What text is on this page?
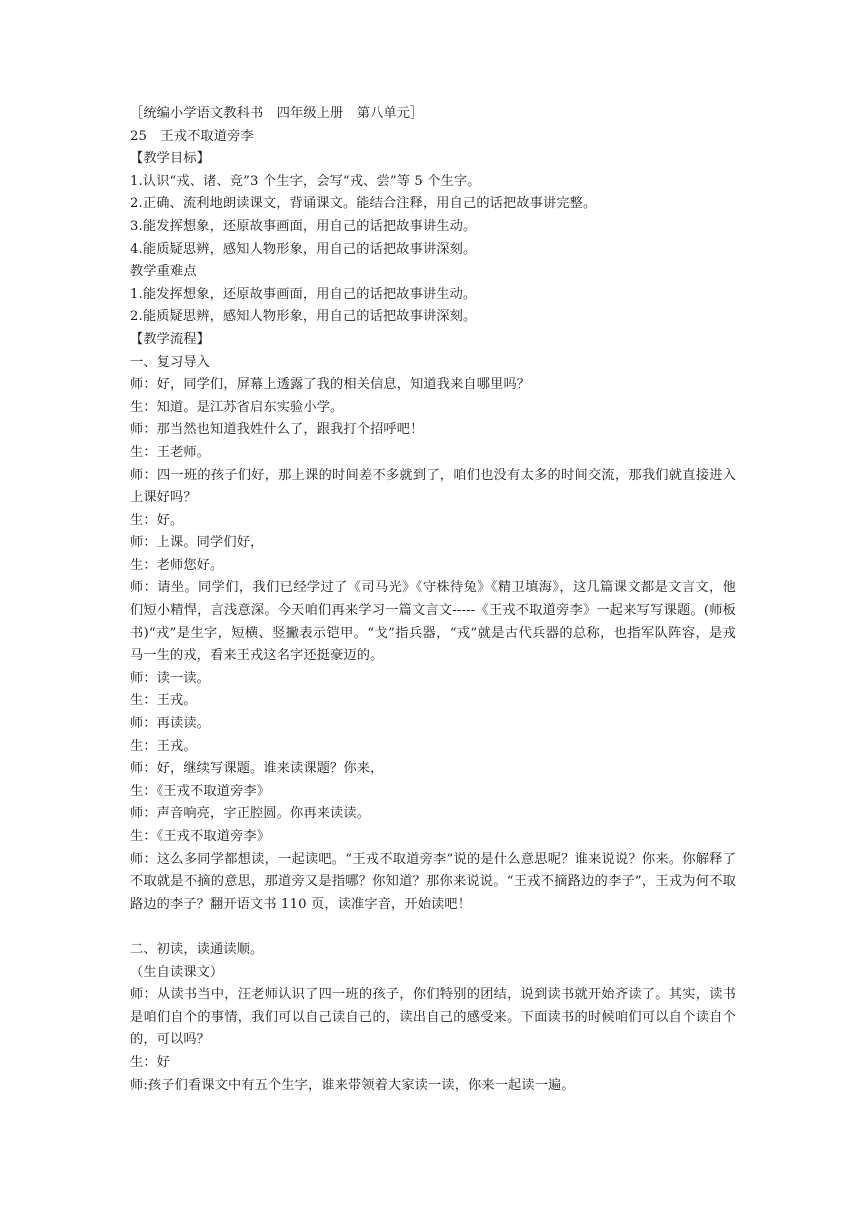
［统编小学语文教科书　四年级上册　第八单元］
25　王戎不取道旁李
【教学目标】
1.认识“戎、诸、竞”3 个生字，会写“戎、尝”等 5 个生字。
2.正确、流利地朗读课文，背诵课文。能结合注释，用自己的话把故事讲完整。
3.能发挥想象，还原故事画面，用自己的话把故事讲生动。
4.能质疑思辨，感知人物形象，用自己的话把故事讲深刻。
教学重难点
1.能发挥想象，还原故事画面，用自己的话把故事讲生动。
2.能质疑思辨，感知人物形象，用自己的话把故事讲深刻。
【教学流程】
一、复习导入
师：好，同学们，屏幕上透露了我的相关信息，知道我来自哪里吗？
生：知道。是江苏省启东实验小学。
师：那当然也知道我姓什么了，跟我打个招呼吧！
生：王老师。
师：四一班的孩子们好，那上课的时间差不多就到了，咱们也没有太多的时间交流，那我们就直接进入上课好吗？
生：好。
师：上课。同学们好，
生：老师您好。
师：请坐。同学们，我们已经学过了《司马光》《守株待兔》《精卫填海》，这几篇课文都是文言文，他们短小精悍，言浅意深。今天咱们再来学习一篇文言文-----《王戎不取道旁李》一起来写写课题。(师板书)“戎”是生字，短横、竖撇表示铠甲。“戈”指兵器，“戎”就是古代兵器的总称，也指军队阵容，是戎马一生的戎，看来王戎这名字还挺豪迈的。
师：读一读。
生：王戎。
师：再读读。
生：王戎。
师：好，继续写课题。谁来读课题？你来，
生：《王戎不取道旁李》
师：声音响亮，字正腔圆。你再来读读。
生：《王戎不取道旁李》
师：这么多同学都想读，一起读吧。“王戎不取道旁李”说的是什么意思呢？谁来说说？你来。你解释了不取就是不摘的意思，那道旁又是指哪？你知道？那你来说说。“王戎不摘路边的李子”，王戎为何不取路边的李子？翻开语文书 110 页，读准字音，开始读吧！
二、初读，读通读顺。
（生自读课文）
师：从读书当中，汪老师认识了四一班的孩子，你们特别的团结，说到读书就开始齐读了。其实，读书是咱们自个的事情，我们可以自己读自己的，读出自己的感受来。下面读书的时候咱们可以自个读自个的，可以吗？
生：好
师:孩子们看课文中有五个生字，谁来带领着大家读一读，你来一起读一遍。
